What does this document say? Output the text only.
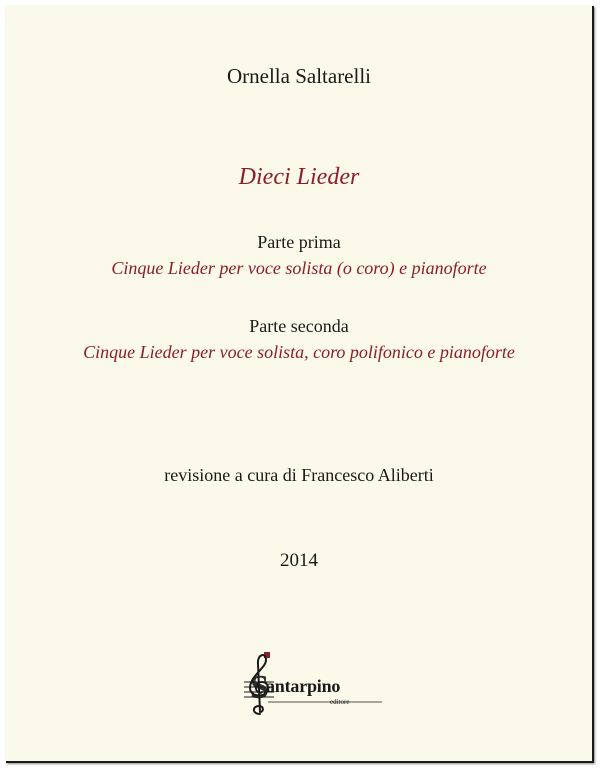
Ornella Saltarelli
Dieci Lieder
Parte prima
Cinque Lieder per voce solista (o coro) e pianoforte
Parte seconda
Cinque Lieder per voce solista, coro polifonico e pianoforte
revisione a cura di Francesco Aliberti
2014
S
antarpino
editore
